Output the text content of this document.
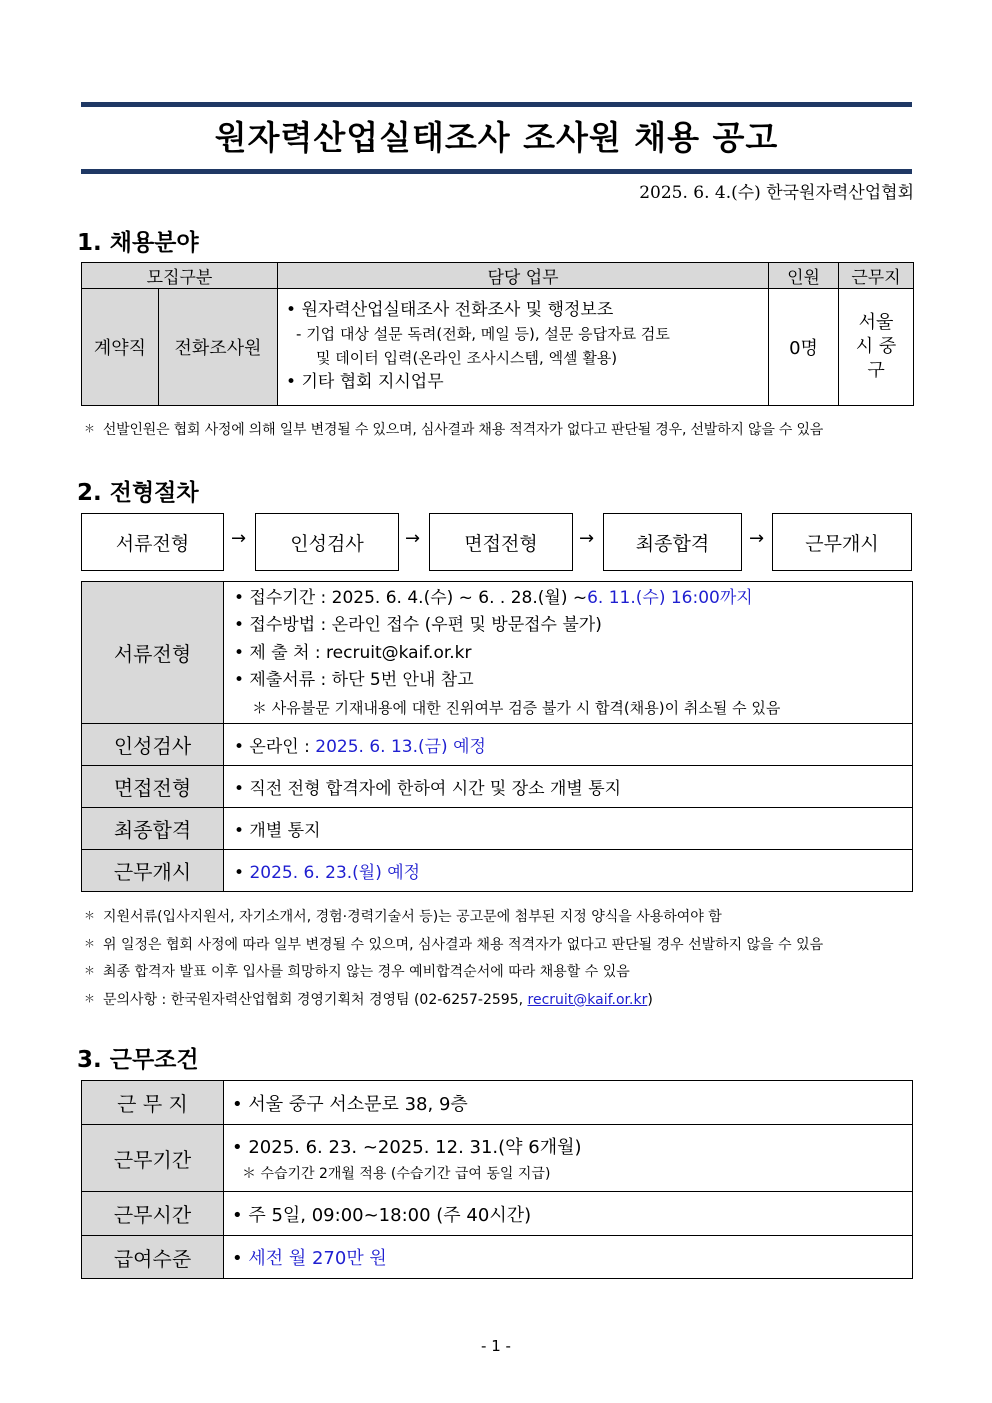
원자력산업실태조사 조사원 채용 공고
2025. 6. 4.(수) 한국원자력산업협회
1. 채용분야
모집구분		담당 업무	인원	근무지
계약직	전화조사원	• 원자력산업실태조사 전화조사 및 행정보조
- 기업 대상 설문 독려(전화, 메일 등), 설문 응답자료 검토
및 데이터 입력(온라인 조사시스템, 엑셀 활용)
• 기타 협회 지시업무	0명	서울시 중구
＊ 선발인원은 협회 사정에 의해 일부 변경될 수 있으며, 심사결과 채용 적격자가 없다고 판단될 경우, 선발하지 않을 수 있음
2. 전형절차
서류전형	→	인성검사	→	면접전형	→	최종합격	→	근무개시
서류전형	• 접수기간 : 2025. 6. 4.(수) ~ 6. . 28.(월) ~6. 11.(수) 16:00까지
• 접수방법 : 온라인 접수 (우편 및 방문접수 불가)
• 제 출 처 : recruit@kaif.or.kr
• 제출서류 : 하단 5번 안내 참고
＊ 사유불문 기재내용에 대한 진위여부 검증 불가 시 합격(채용)이 취소될 수 있음

인성검사	• 온라인 : 2025. 6. 13.(금) 예정
면접전형	• 직전 전형 합격자에 한하여 시간 및 장소 개별 통지
최종합격	• 개별 통지
근무개시	• 2025. 6. 23.(월) 예정
＊ 지원서류(입사지원서, 자기소개서, 경험·경력기술서 등)는 공고문에 첨부된 지정 양식을 사용하여야 함
＊ 위 일정은 협회 사정에 따라 일부 변경될 수 있으며, 심사결과 채용 적격자가 없다고 판단될 경우 선발하지 않을 수 있음
＊ 최종 합격자 발표 이후 입사를 희망하지 않는 경우 예비합격순서에 따라 채용할 수 있음
＊ 문의사항 : 한국원자력산업협회 경영기획처 경영팀 (02-6257-2595, recruit@kaif.or.kr)
3. 근무조건
근 무 지	• 서울 중구 서소문로 38, 9층
근무기간	• 2025. 6. 23. ~2025. 12. 31.(약 6개월)
＊ 수습기간 2개월 적용 (수습기간 급여 동일 지급)

근무시간	• 주 5일, 09:00~18:00 (주 40시간)
급여수준	• 세전 월 270만 원
- 1 -
